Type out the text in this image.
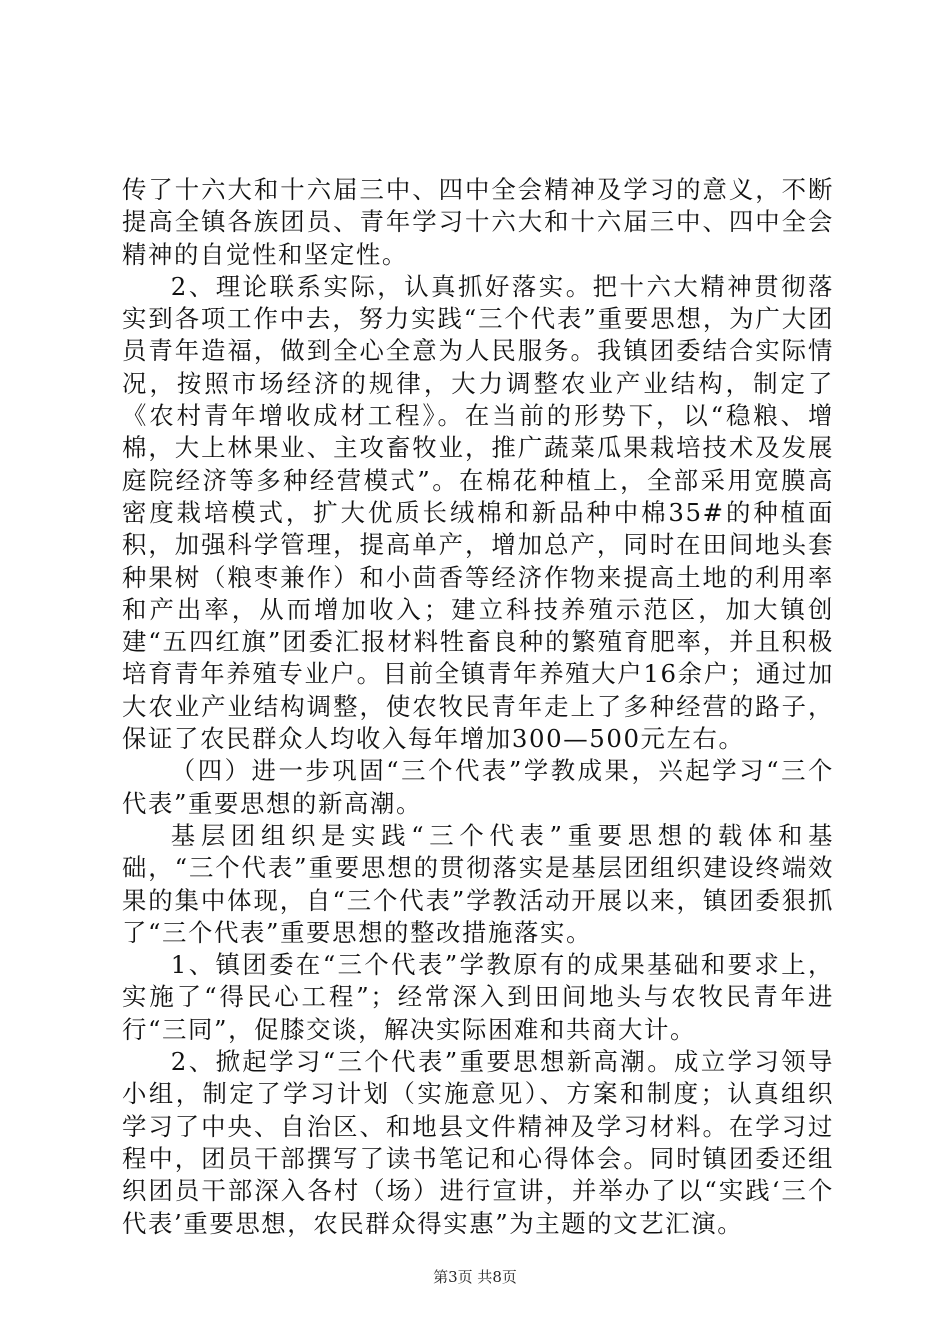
传了十六大和十六届三中、四中全会精神及学习的意义，不断提高全镇各族团员、青年学习十六大和十六届三中、四中全会精神的自觉性和坚定性。

2、理论联系实际，认真抓好落实。把十六大精神贯彻落实到各项工作中去，努力实践“三个代表”重要思想，为广大团员青年造福，做到全心全意为人民服务。我镇团委结合实际情况，按照市场经济的规律，大力调整农业产业结构，制定了《农村青年增收成材工程》。在当前的形势下，以“稳粮、增棉，大上林果业、主攻畜牧业，推广蔬菜瓜果栽培技术及发展庭院经济等多种经营模式”。在棉花种植上，全部采用宽膜高密度栽培模式，扩大优质长绒棉和新品种中棉35#的种植面积，加强科学管理，提高单产，增加总产，同时在田间地头套种果树（粮枣兼作）和小茴香等经济作物来提高土地的利用率和产出率，从而增加收入；建立科技养殖示范区，加大镇创建“五四红旗”团委汇报材料牲畜良种的繁殖育肥率，并且积极培育青年养殖专业户。目前全镇青年养殖大户16余户；通过加大农业产业结构调整，使农牧民青年走上了多种经营的路子，保证了农民群众人均收入每年增加300—500元左右。

（四）进一步巩固“三个代表”学教成果，兴起学习“三个代表”重要思想的新高潮。

基层团组织是实践“三个代表”重要思想的载体和基础，“三个代表”重要思想的贯彻落实是基层团组织建设终端效果的集中体现，自“三个代表”学教活动开展以来，镇团委狠抓了“三个代表”重要思想的整改措施落实。

1、镇团委在“三个代表”学教原有的成果基础和要求上，实施了“得民心工程”；经常深入到田间地头与农牧民青年进行“三同”，促膝交谈，解决实际困难和共商大计。

2、掀起学习“三个代表”重要思想新高潮。成立学习领导小组，制定了学习计划（实施意见）、方案和制度；认真组织学习了中央、自治区、和地县文件精神及学习材料。在学习过程中，团员干部撰写了读书笔记和心得体会。同时镇团委还组织团员干部深入各村（场）进行宣讲，并举办了以“实践‘三个代表’重要思想，农民群众得实惠”为主题的文艺汇演。

第3页 共8页
